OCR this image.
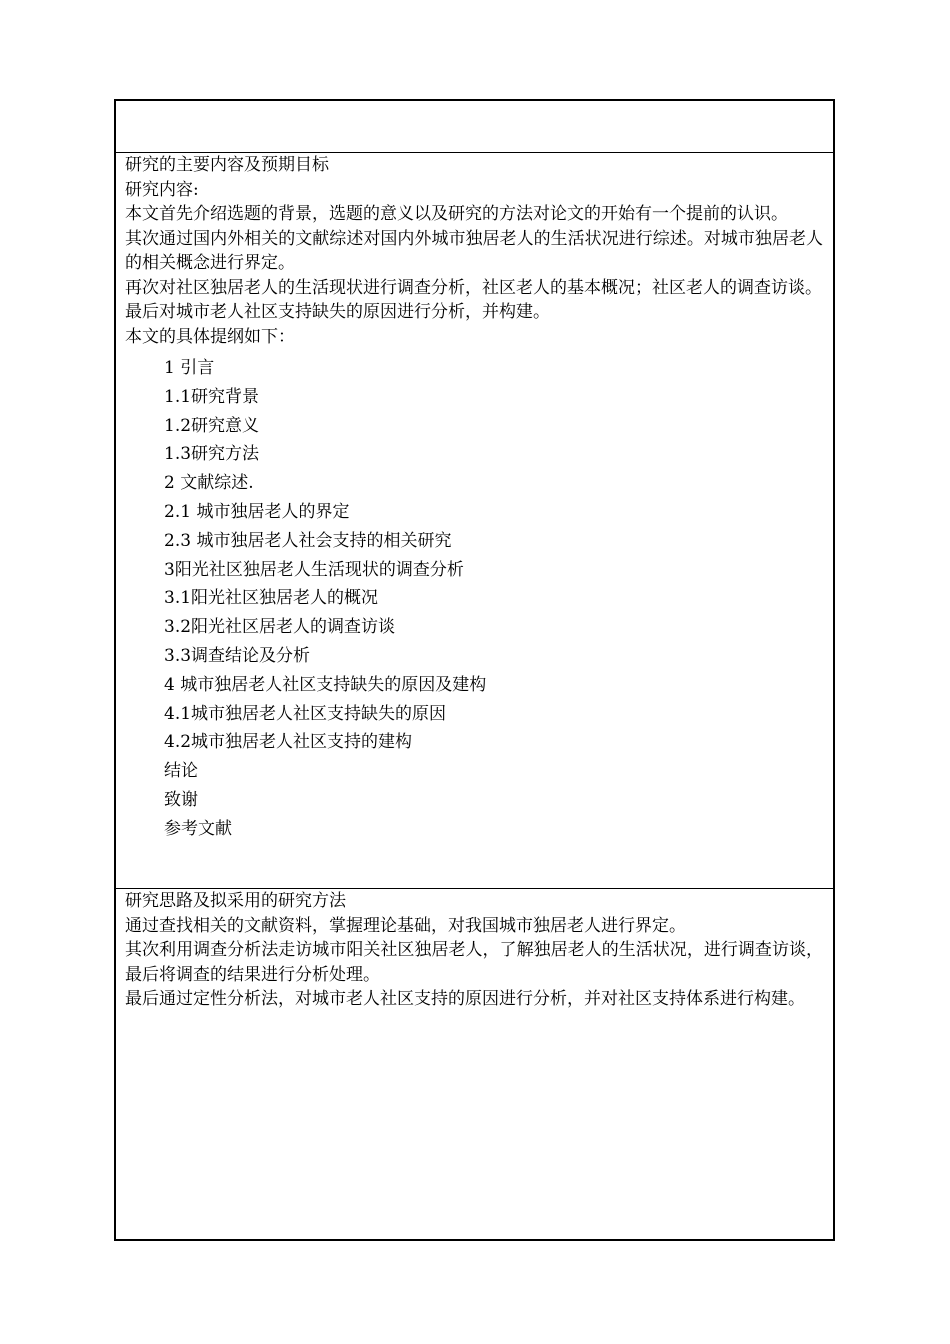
研究的主要内容及预期目标
研究内容:
本文首先介绍选题的背景，选题的意义以及研究的方法对论文的开始有一个提前的认识。
其次通过国内外相关的文献综述对国内外城市独居老人的生活状况进行综述。对城市独居老人的相关概念进行界定。
再次对社区独居老人的生活现状进行调查分析，社区老人的基本概况；社区老人的调查访谈。
最后对城市老人社区支持缺失的原因进行分析，并构建。
本文的具体提纲如下：
1 引言
1.1研究背景
1.2研究意义
1.3研究方法
2 文献综述.
2.1 城市独居老人的界定
2.3 城市独居老人社会支持的相关研究
3阳光社区独居老人生活现状的调查分析
3.1阳光社区独居老人的概况
3.2阳光社区居老人的调查访谈
3.3调查结论及分析
4 城市独居老人社区支持缺失的原因及建构
4.1城市独居老人社区支持缺失的原因
4.2城市独居老人社区支持的建构
结论
致谢
参考文献
研究思路及拟采用的研究方法
通过查找相关的文献资料，掌握理论基础，对我国城市独居老人进行界定。
其次利用调查分析法走访城市阳关社区独居老人，了解独居老人的生活状况，进行调查访谈，最后将调查的结果进行分析处理。
最后通过定性分析法，对城市老人社区支持的原因进行分析，并对社区支持体系进行构建。
